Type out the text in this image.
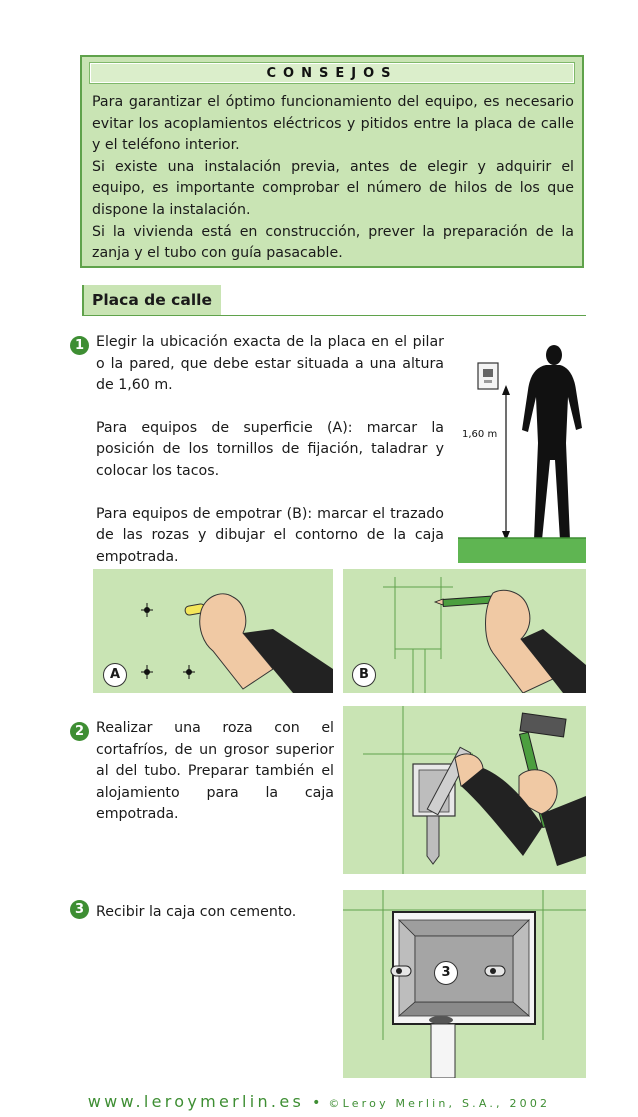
CONSEJOS

Para garantizar el óptimo funcionamiento del equipo, es necesario evitar los acoplamientos eléctricos y pitidos entre la placa de calle y el teléfono interior.

Si existe una instalación previa, antes de elegir y adquirir el equipo, es importante comprobar el número de hilos de los que dispone la instalación.

Si la vivienda está en construcción, prever la preparación de la zanja y el tubo con guía pasacable.

Placa de calle
1 Elegir la ubicación exacta de la placa en el pilar o la pared, que debe estar situada a una altura de 1,60 m.

Para equipos de superficie (A): marcar la posición de los tornillos de fijación, taladrar y colocar los tacos.

Para equipos de empotrar (B): marcar el trazado de las rozas y dibujar el contorno de la caja empotrada.

1,60 m
A	B
2 Realizar una roza con el cortafríos, de un grosor superior al del tubo. Preparar también el alojamiento para la caja empotrada.

3 Recibir la caja con cemento.

3
www.leroymerlin.es • ©Leroy Merlin, S.A., 2002
